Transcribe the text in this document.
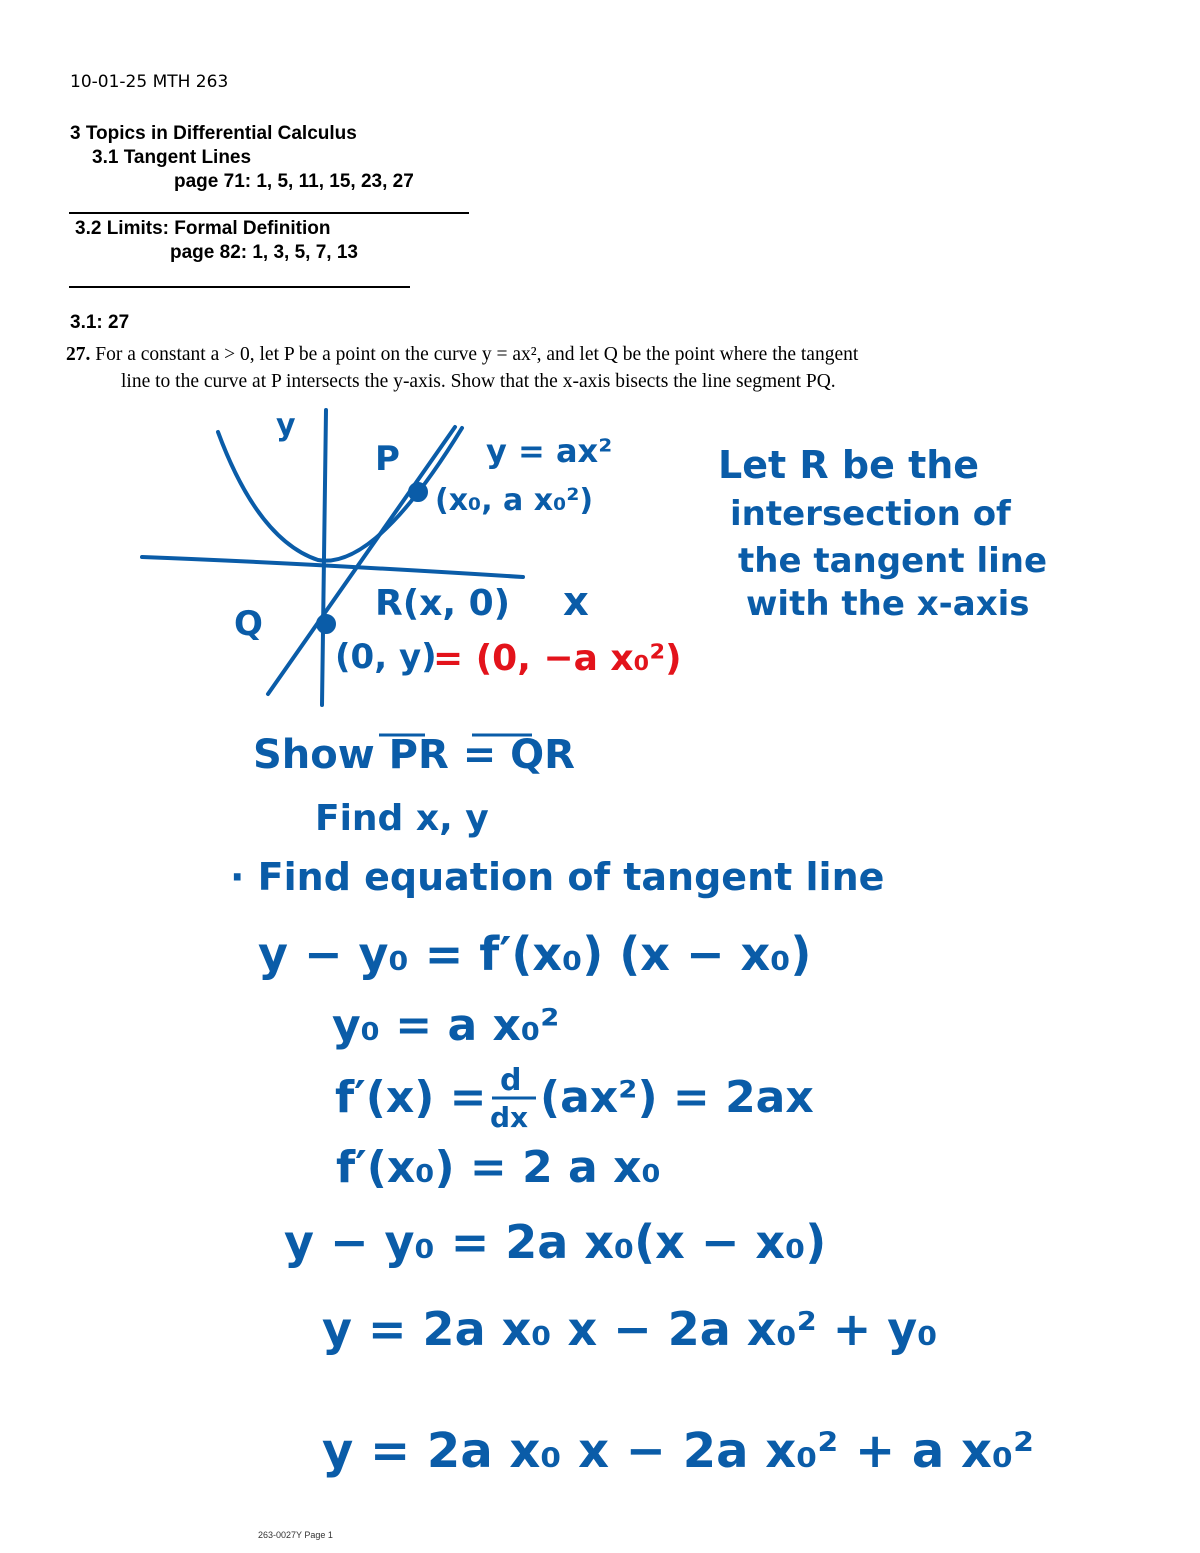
10-01-25 MTH 263
3 Topics in Differential Calculus
3.1 Tangent Lines
page 71: 1, 5, 11, 15, 23, 27
3.2 Limits: Formal Definition
page 82: 1, 3, 5, 7, 13
3.1: 27
27. For a constant a > 0, let P be a point on the curve y = ax², and let Q be the point where the tangent
line to the curve at P intersects the y-axis. Show that the x-axis bisects the line segment PQ.
y
P	y = ax²
(x₀, a x₀²)
R(x, 0) x
Q
(0, y)
= (0, −a x₀²)
Let R be the
intersection of
the tangent line
with the x-axis
Show PR = QR
Find x, y
· Find equation of tangent line
y − y₀ = f′(x₀) (x − x₀)
y₀ = a x₀²
f′(x) = d
dx (ax²) = 2ax
f′(x₀) = 2 a x₀
y − y₀ = 2a x₀(x − x₀)
y = 2a x₀ x − 2a x₀² + y₀
y = 2a x₀ x − 2a x₀² + a x₀²
263-0027Y Page 1
